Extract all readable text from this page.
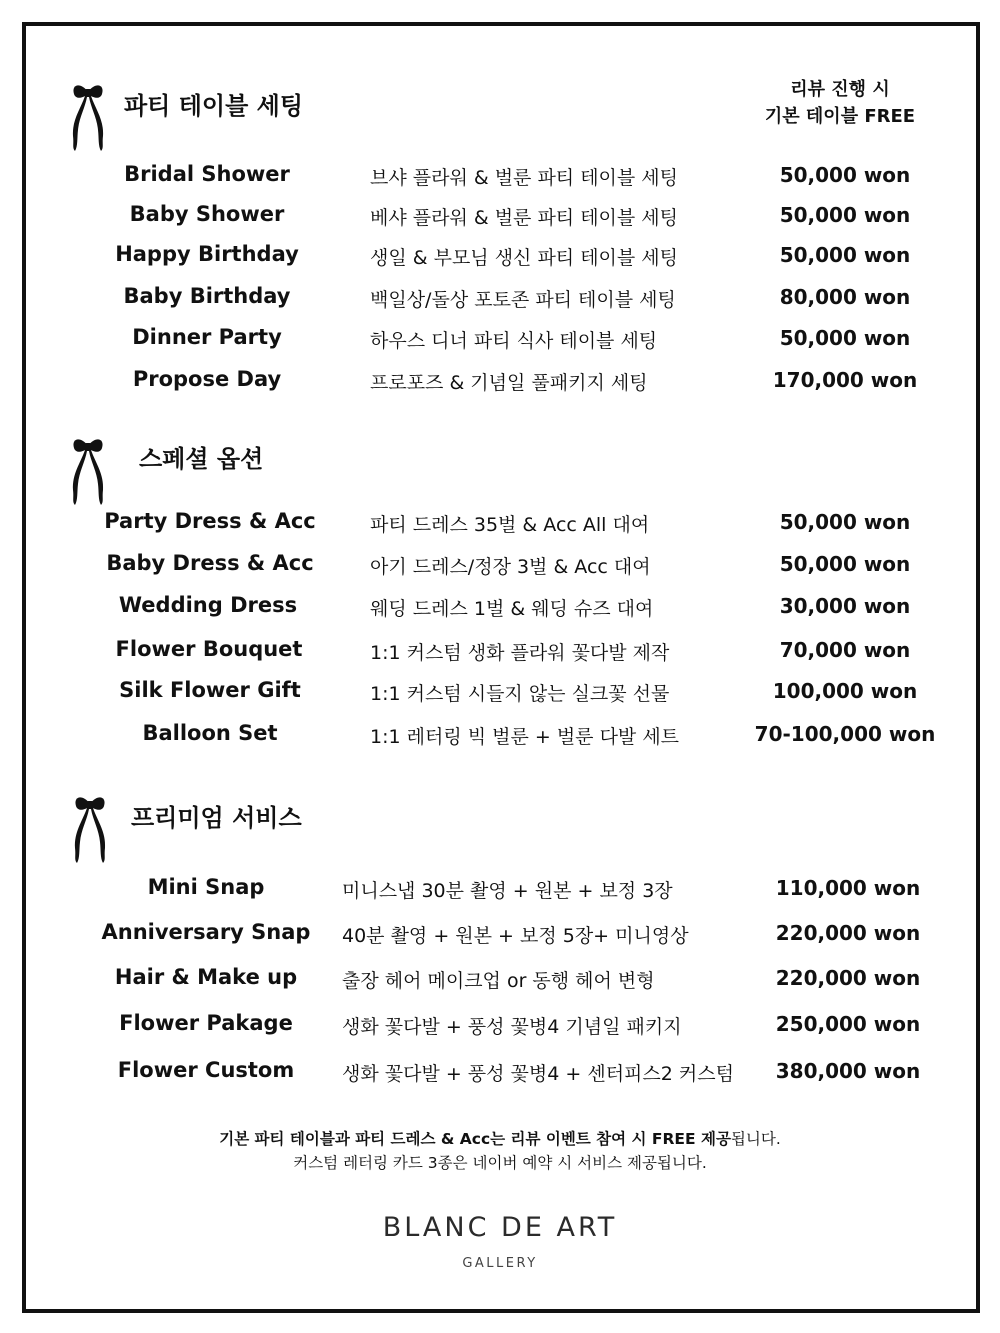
리뷰 진행 시
기본 테이블 FREE
파티 테이블 세팅
Bridal Shower	브샤 플라워 & 벌룬 파티 테이블 세팅	50,000 won
Baby Shower	베샤 플라워 & 벌룬 파티 테이블 세팅	50,000 won
Happy Birthday	생일 & 부모님 생신 파티 테이블 세팅	50,000 won
Baby Birthday	백일상/돌상 포토존 파티 테이블 세팅	80,000 won
Dinner Party	하우스 디너 파티 식사 테이블 세팅	50,000 won
Propose Day	프로포즈 & 기념일 풀패키지 세팅	170,000 won
스페셜 옵션
Party Dress & Acc	파티 드레스 35벌 & Acc All 대여	50,000 won
Baby Dress & Acc	아기 드레스/정장 3벌 & Acc 대여	50,000 won
Wedding Dress	웨딩 드레스 1벌 & 웨딩 슈즈 대여	30,000 won
Flower Bouquet	1:1 커스텀 생화 플라워 꽃다발 제작	70,000 won
Silk Flower Gift	1:1 커스텀 시들지 않는 실크꽃 선물	100,000 won
Balloon Set	1:1 레터링 빅 벌룬 + 벌룬 다발 세트	70-100,000 won
프리미엄 서비스
Mini Snap	미니스냅 30분 촬영 + 원본 + 보정 3장	110,000 won
Anniversary Snap	40분 촬영 + 원본 + 보정 5장+ 미니영상	220,000 won
Hair & Make up	출장 헤어 메이크업 or 동행 헤어 변형	220,000 won
Flower Pakage	생화 꽃다발 + 풍성 꽃병4 기념일 패키지	250,000 won
Flower Custom	생화 꽃다발 + 풍성 꽃병4 + 센터피스2 커스텀	380,000 won
기본 파티 테이블과 파티 드레스 & Acc는 리뷰 이벤트 참여 시 FREE 제공됩니다.
커스텀 레터링 카드 3종은 네이버 예약 시 서비스 제공됩니다.
BLANC DE ART
GALLERY
